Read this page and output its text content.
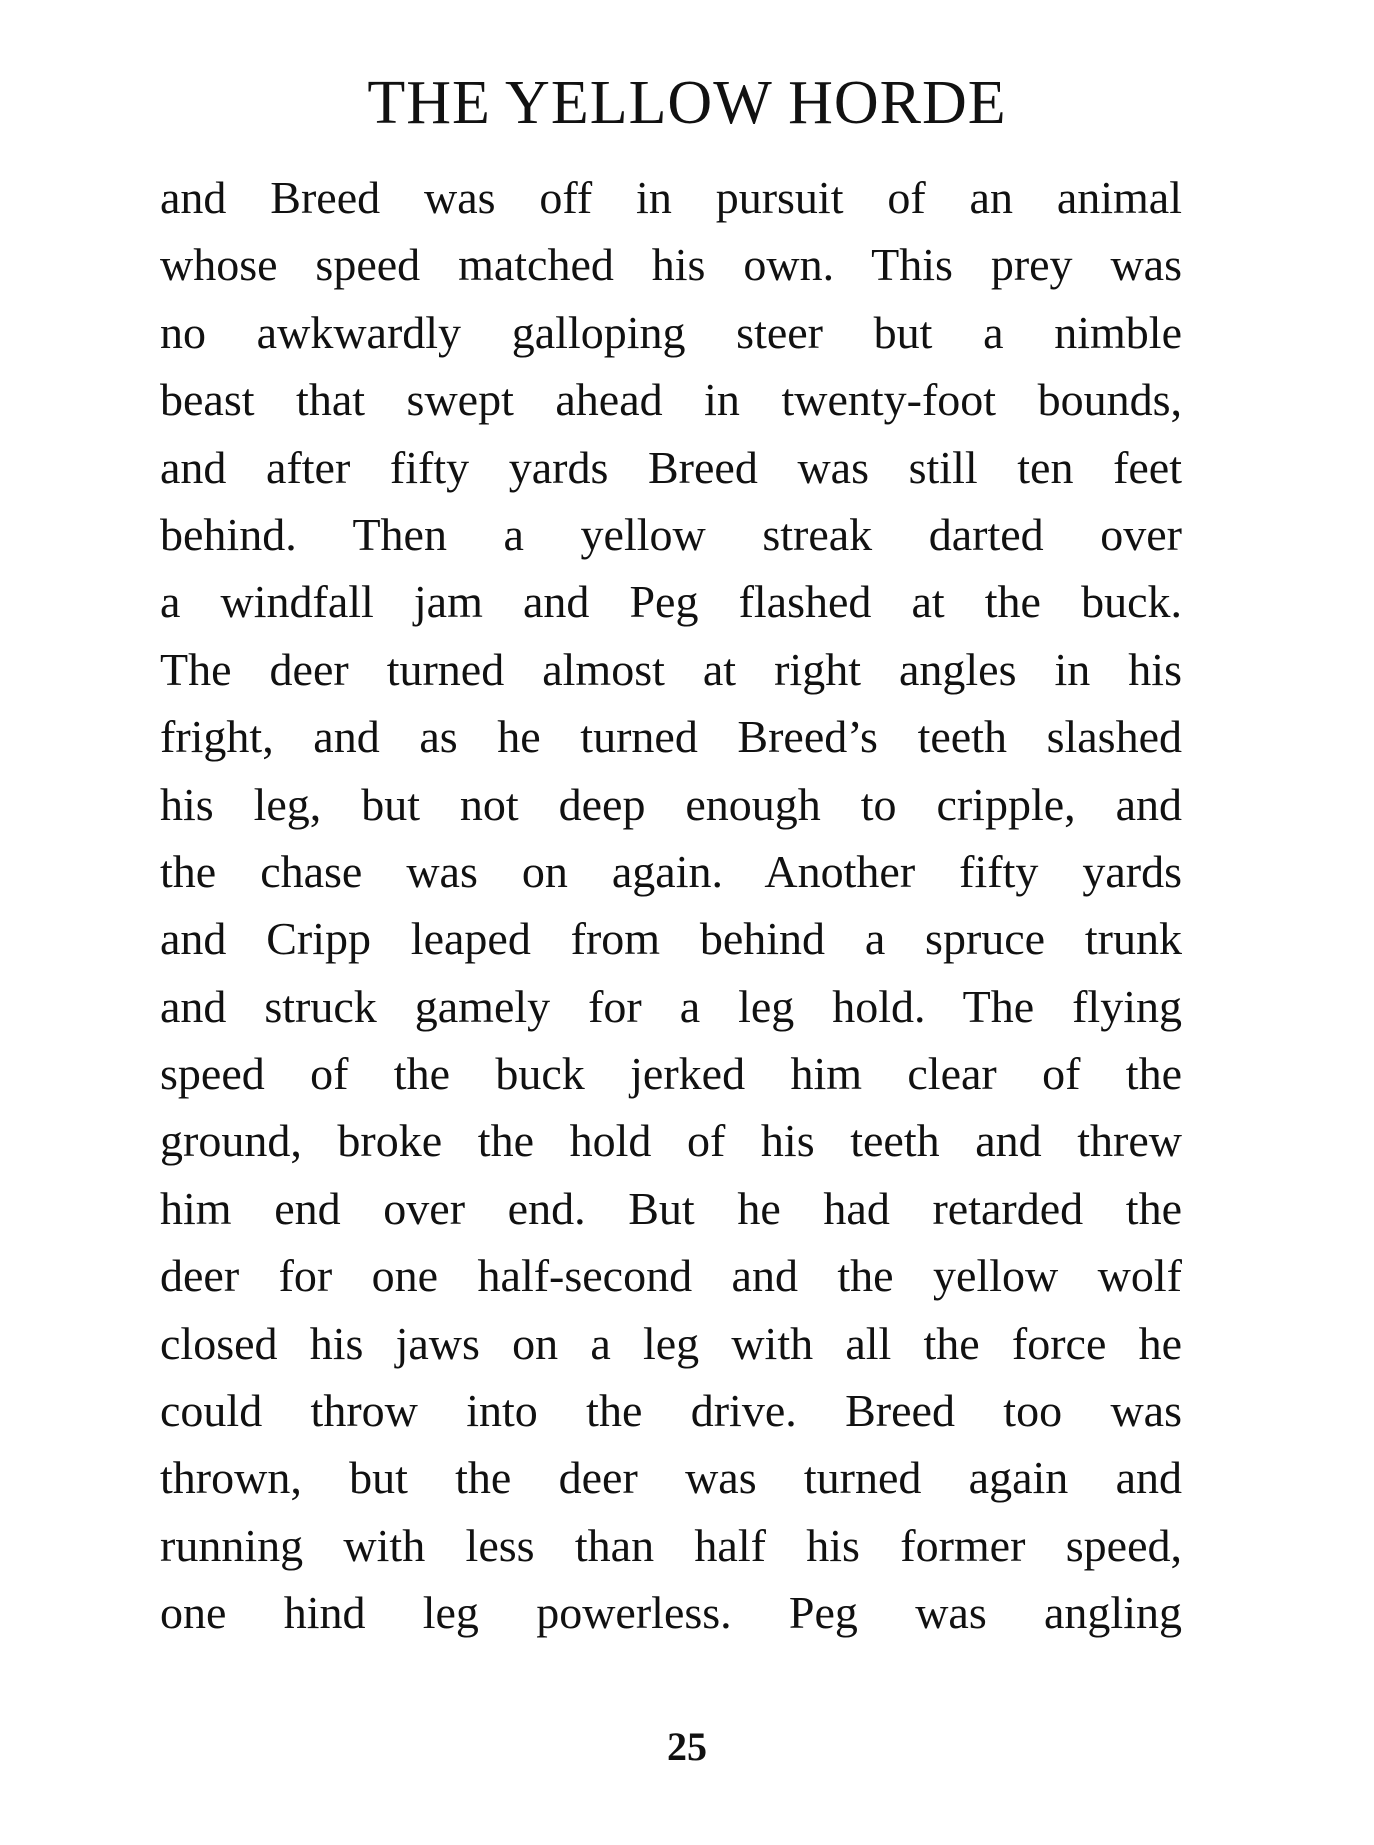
THE YELLOW HORDE
and Breed was off in pursuit of an animal
whose speed matched his own. This prey was
no awkwardly galloping steer but a nimble
beast that swept ahead in twenty-foot bounds,
and after fifty yards Breed was still ten feet
behind. Then a yellow streak darted over
a windfall jam and Peg flashed at the buck.
The deer turned almost at right angles in his
fright, and as he turned Breed’s teeth slashed
his leg, but not deep enough to cripple, and
the chase was on again. Another fifty yards
and Cripp leaped from behind a spruce trunk
and struck gamely for a leg hold. The flying
speed of the buck jerked him clear of the
ground, broke the hold of his teeth and threw
him end over end. But he had retarded the
deer for one half-second and the yellow wolf
closed his jaws on a leg with all the force he
could throw into the drive. Breed too was
thrown, but the deer was turned again and
running with less than half his former speed,
one hind leg powerless. Peg was angling
25
